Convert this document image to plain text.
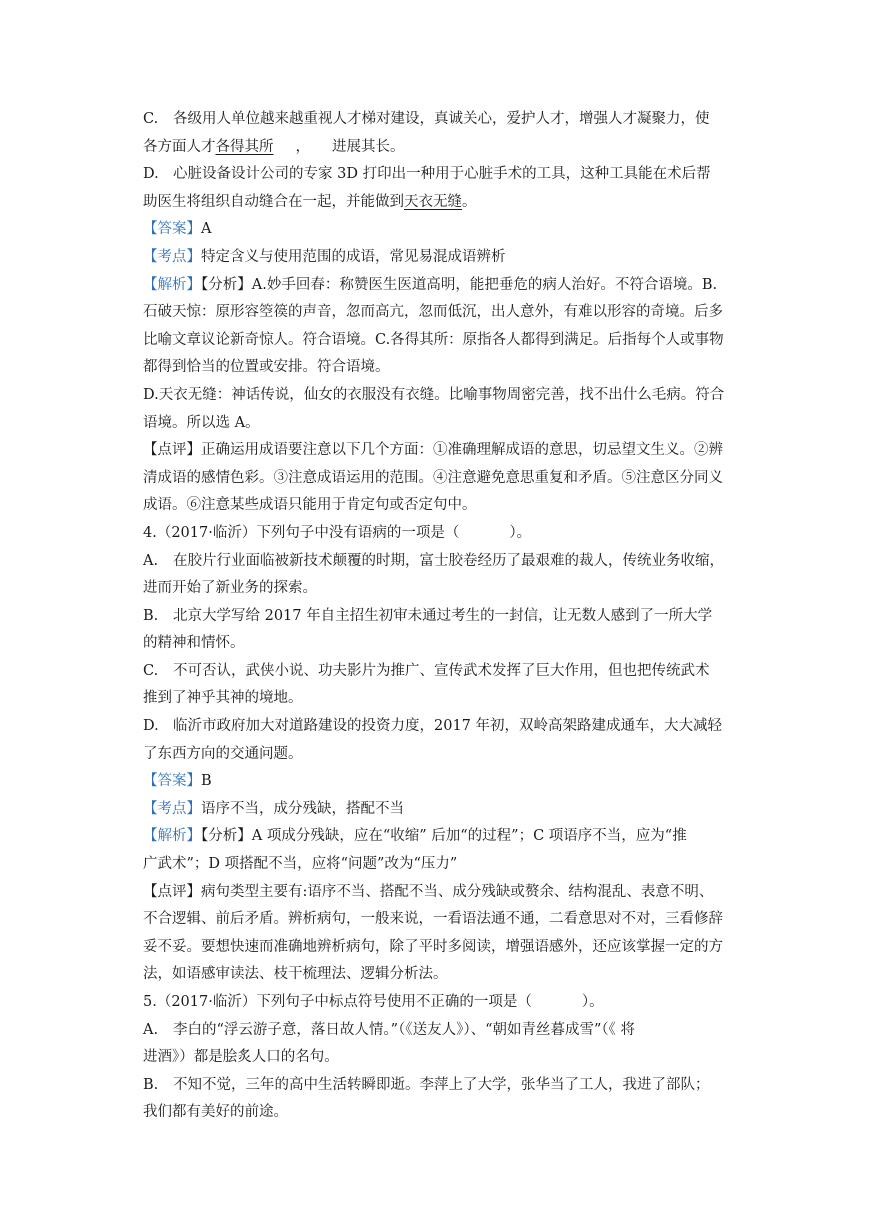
C. 各级用人单位越来越重视人才梯对建设，真诚关心，爱护人才，增强人才凝聚力，使
各方面人才各得其所 ， 进展其长。
D. 心脏设备设计公司的专家 3D 打印出一种用于心脏手术的工具，这种工具能在术后帮
助医生将组织自动缝合在一起，并能做到天衣无缝。
【答案】A
【考点】特定含义与使用范围的成语，常见易混成语辨析
【解析】【分析】A.妙手回春：称赞医生医道高明，能把垂危的病人治好。不符合语境。B.
石破天惊：原形容箜篌的声音，忽而高亢，忽而低沉，出人意外，有难以形容的奇境。后多
比喻文章议论新奇惊人。符合语境。C.各得其所：原指各人都得到满足。后指每个人或事物
都得到恰当的位置或安排。符合语境。
D.天衣无缝：神话传说，仙女的衣服没有衣缝。比喻事物周密完善，找不出什么毛病。符合
语境。所以选 A。
【点评】正确运用成语要注意以下几个方面：①准确理解成语的意思，切忌望文生义。②辨
清成语的感情色彩。③注意成语运用的范围。④注意避免意思重复和矛盾。⑤注意区分同义
成语。⑥注意某些成语只能用于肯定句或否定句中。
4.（2017·临沂）下列句子中没有语病的一项是（	）。
A. 在胶片行业面临被新技术颠覆的时期，富士胶卷经历了最艰难的裁人，传统业务收缩，
进而开始了新业务的探索。
B. 北京大学写给 2017 年自主招生初审未通过考生的一封信，让无数人感到了一所大学
的精神和情怀。
C. 不可否认，武侠小说、功夫影片为推广、宣传武术发挥了巨大作用，但也把传统武术
推到了神乎其神的境地。
D. 临沂市政府加大对道路建设的投资力度，2017 年初，双岭高架路建成通车，大大减轻
了东西方向的交通问题。
【答案】B
【考点】语序不当，成分残缺，搭配不当
【解析】【分析】A 项成分残缺，应在“收缩” 后加“的过程”；C 项语序不当，应为“推
广武术”；D 项搭配不当，应将“问题”改为“压力”
【点评】病句类型主要有:语序不当、搭配不当、成分残缺或赘余、结构混乱、表意不明、
不合逻辑、前后矛盾。辨析病句，一般来说，一看语法通不通，二看意思对不对，三看修辞
妥不妥。要想快速而准确地辨析病句，除了平时多阅读，增强语感外，还应该掌握一定的方
法，如语感审读法、枝干梳理法、逻辑分析法。
5.（2017·临沂）下列句子中标点符号使用不正确的一项是（	）。
A. 李白的“浮云游子意，落日故人情。”（《送友人》）、“朝如青丝暮成雪”（《 将
进酒》）都是脍炙人口的名句。
B. 不知不觉，三年的高中生活转瞬即逝。李萍上了大学，张华当了工人，我进了部队；
我们都有美好的前途。
